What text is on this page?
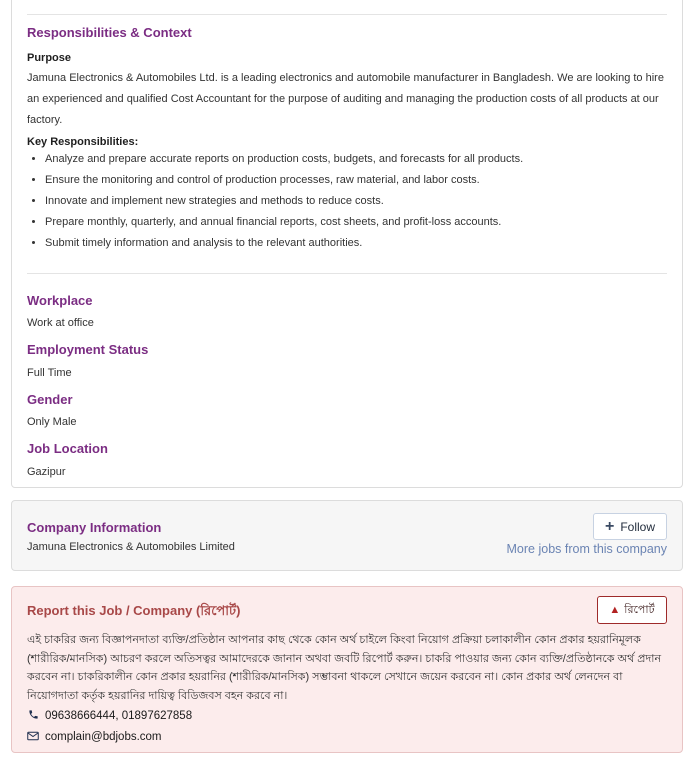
Responsibilities & Context
Purpose
Jamuna Electronics & Automobiles Ltd. is a leading electronics and automobile manufacturer in Bangladesh. We are looking to hire an experienced and qualified Cost Accountant for the purpose of auditing and managing the production costs of all products at our factory.
Key Responsibilities:
• Analyze and prepare accurate reports on production costs, budgets, and forecasts for all products.
• Ensure the monitoring and control of production processes, raw material, and labor costs.
• Innovate and implement new strategies and methods to reduce costs.
• Prepare monthly, quarterly, and annual financial reports, cost sheets, and profit-loss accounts.
• Submit timely information and analysis to the relevant authorities.
Workplace
Work at office
Employment Status
Full Time
Gender
Only Male
Job Location
Gazipur
Company Information
Jamuna Electronics & Automobiles Limited
+ Follow
More jobs from this company
Report this Job / Company (রিপোর্ট)	▲ রিপোর্ট
এই চাকরির জন্য বিজ্ঞাপনদাতা ব্যক্তি/প্রতিষ্ঠান আপনার কাছ থেকে কোন অর্থ চাইলে কিংবা নিয়োগ প্রক্রিয়া চলাকালীন কোন প্রকার হয়রানিমূলক (শারীরিক/মানসিক) আচরণ করলে অতিসত্বর আমাদেরকে জানান অথবা জবটি রিপোর্ট করুন। চাকরি পাওয়ার জন্য কোন ব্যক্তি/প্রতিষ্ঠানকে অর্থ প্রদান করবেন না। চাকরিকালীন কোন প্রকার হয়রানির (শারীরিক/মানসিক) সম্ভাবনা থাকলে সেখানে জয়েন করবেন না। কোন প্রকার অর্থ লেনদেন বা নিয়োগদাতা কর্তৃক হয়রানির দায়িত্ব বিডিজবস বহন করবে না।
09638666444, 01897627858
complain@bdjobs.com
